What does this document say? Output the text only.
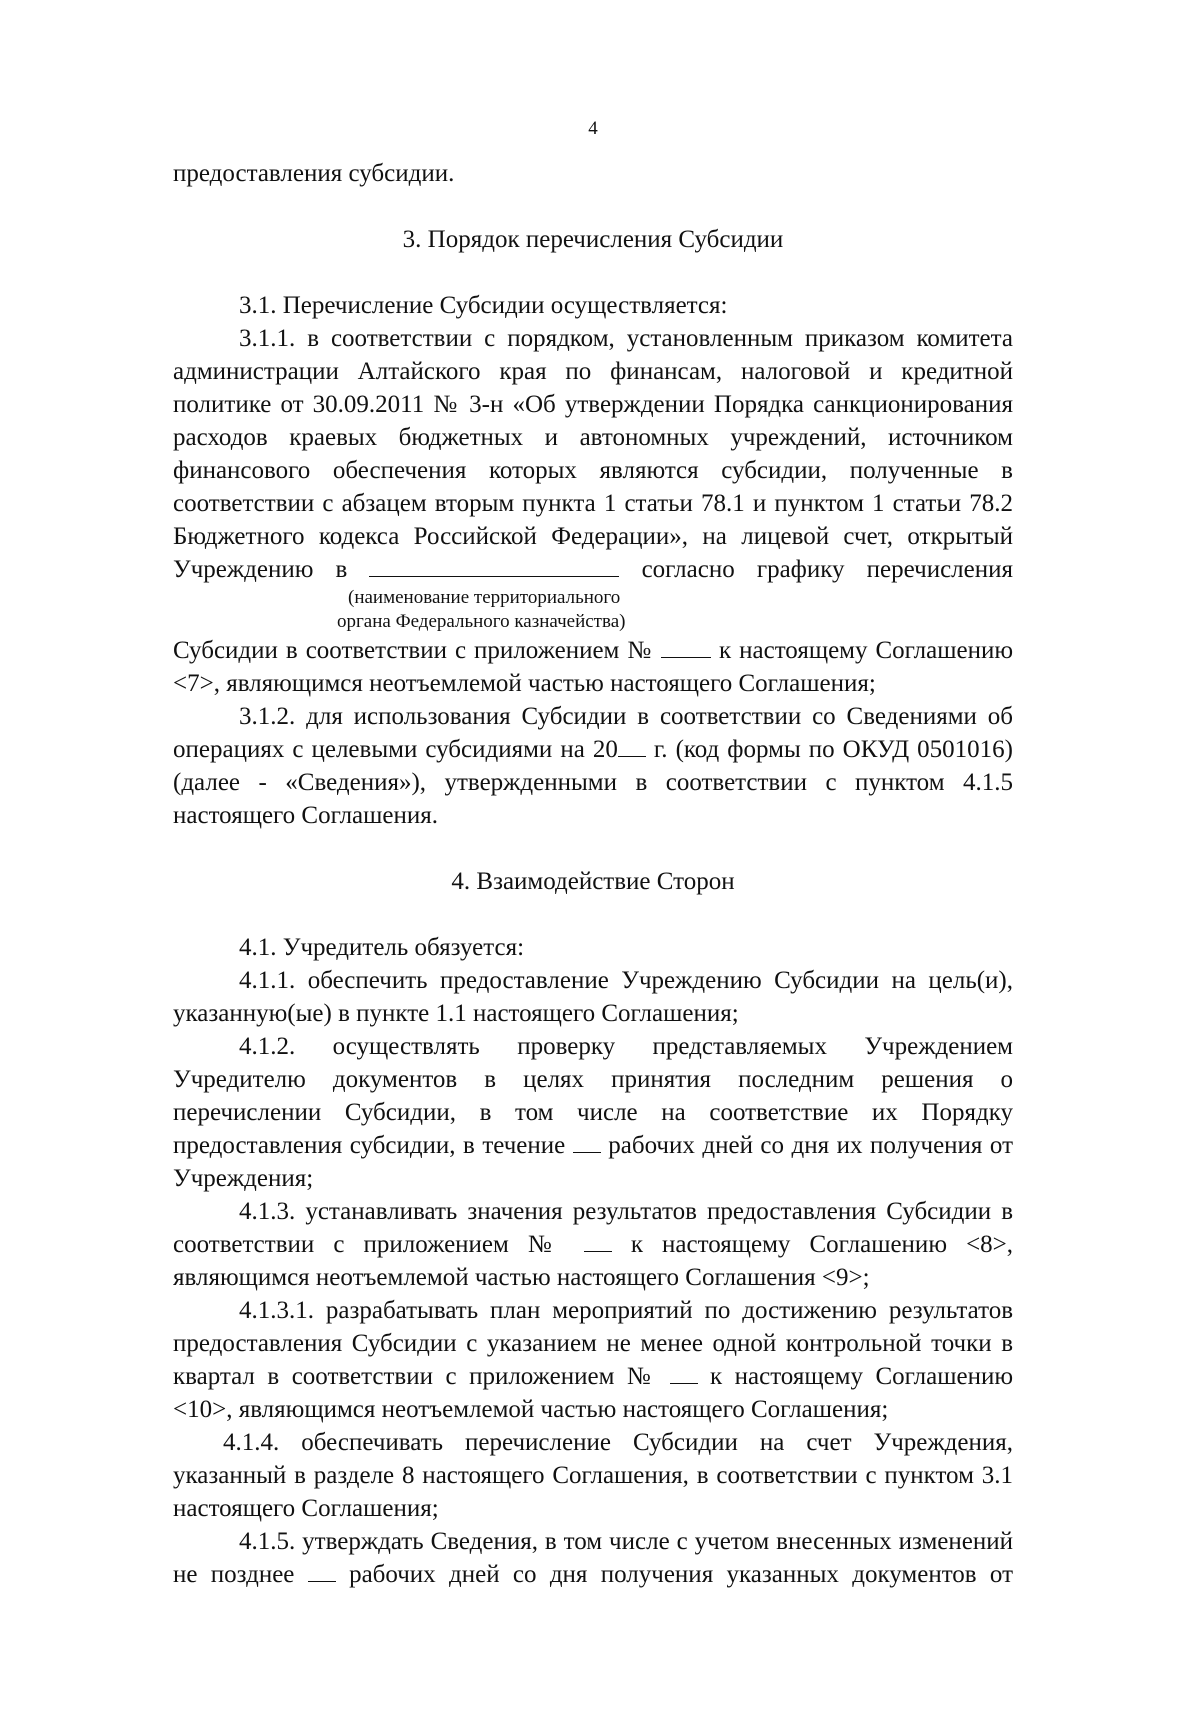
4
предоставления субсидии.
3. Порядок перечисления Субсидии
3.1. Перечисление Субсидии осуществляется:
3.1.1. в соответствии с порядком, установленным приказом комитета
администрации Алтайского края по финансам, налоговой и кредитной
политике от 30.09.2011 № 3-н «Об утверждении Порядка санкционирования
расходов краевых бюджетных и автономных учреждений, источником
финансового обеспечения которых являются субсидии, полученные в
соответствии с абзацем вторым пункта 1 статьи 78.1 и пунктом 1 статьи 78.2
Бюджетного кодекса Российской Федерации», на лицевой счет, открытый
Учреждению в	согласно графику перечисления
(наименование территориального
органа Федерального казначейства)
Субсидии в соответствии с приложением №	к настоящему Соглашению
<7>, являющимся неотъемлемой частью настоящего Соглашения;
3.1.2. для использования Субсидии в соответствии со Сведениями об
операциях с целевыми субсидиями на 20 г. (код формы по ОКУД 0501016)
(далее - «Сведения»), утвержденными в соответствии с пунктом 4.1.5
настоящего Соглашения.
4. Взаимодействие Сторон
4.1. Учредитель обязуется:
4.1.1. обеспечить предоставление Учреждению Субсидии на цель(и),
указанную(ые) в пункте 1.1 настоящего Соглашения;
4.1.2. осуществлять проверку представляемых Учреждением
Учредителю документов в целях принятия последним решения о
перечислении Субсидии, в том числе на соответствие их Порядку
предоставления субсидии, в течение рабочих дней со дня их получения от
Учреждения;
4.1.3. устанавливать значения результатов предоставления Субсидии в
соответствии с приложением №	к настоящему Соглашению <8>,
являющимся неотъемлемой частью настоящего Соглашения <9>;
4.1.3.1. разрабатывать план мероприятий по достижению результатов
предоставления Субсидии с указанием не менее одной контрольной точки в
квартал в соответствии с приложением № к настоящему Соглашению
<10>, являющимся неотъемлемой частью настоящего Соглашения;
4.1.4. обеспечивать перечисление Субсидии на счет Учреждения,
указанный в разделе 8 настоящего Соглашения, в соответствии с пунктом 3.1
настоящего Соглашения;
4.1.5. утверждать Сведения, в том числе с учетом внесенных изменений
не позднее рабочих дней со дня получения указанных документов от
